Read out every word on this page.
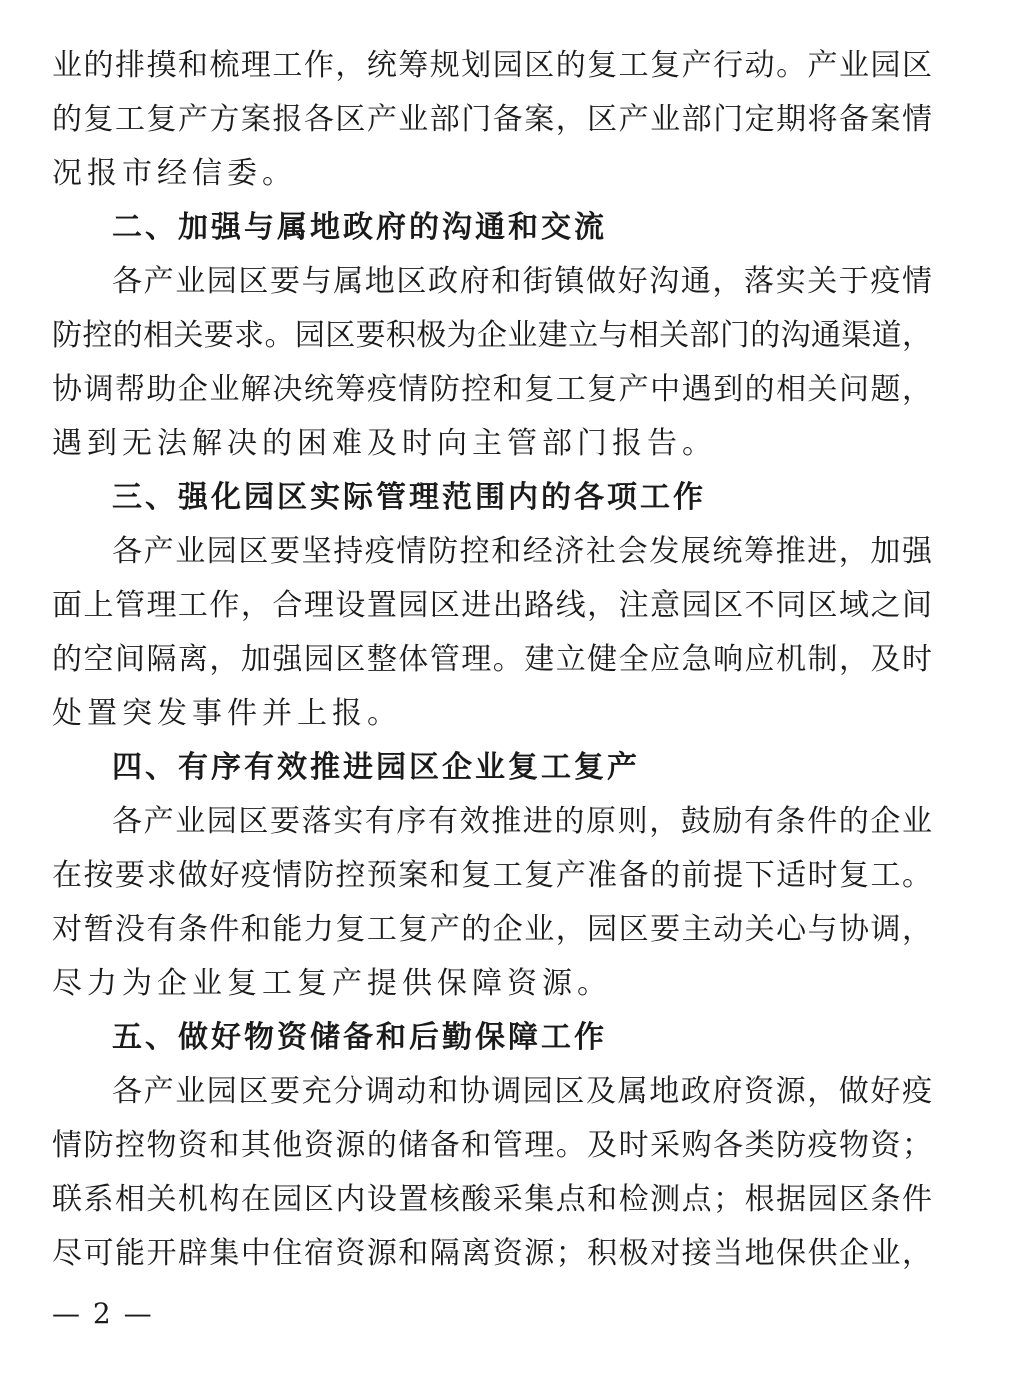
业的排摸和梳理工作，统筹规划园区的复工复产行动。产业园区
的复工复产方案报各区产业部门备案，区产业部门定期将备案情
况报市经信委。
二、加强与属地政府的沟通和交流
各产业园区要与属地区政府和街镇做好沟通，落实关于疫情
防控的相关要求。园区要积极为企业建立与相关部门的沟通渠道，
协调帮助企业解决统筹疫情防控和复工复产中遇到的相关问题，
遇到无法解决的困难及时向主管部门报告。
三、强化园区实际管理范围内的各项工作
各产业园区要坚持疫情防控和经济社会发展统筹推进，加强
面上管理工作，合理设置园区进出路线，注意园区不同区域之间
的空间隔离，加强园区整体管理。建立健全应急响应机制，及时
处置突发事件并上报。
四、有序有效推进园区企业复工复产
各产业园区要落实有序有效推进的原则，鼓励有条件的企业
在按要求做好疫情防控预案和复工复产准备的前提下适时复工。
对暂没有条件和能力复工复产的企业，园区要主动关心与协调，
尽力为企业复工复产提供保障资源。
五、做好物资储备和后勤保障工作
各产业园区要充分调动和协调园区及属地政府资源，做好疫
情防控物资和其他资源的储备和管理。及时采购各类防疫物资；
联系相关机构在园区内设置核酸采集点和检测点；根据园区条件
尽可能开辟集中住宿资源和隔离资源；积极对接当地保供企业，
— 2 —
